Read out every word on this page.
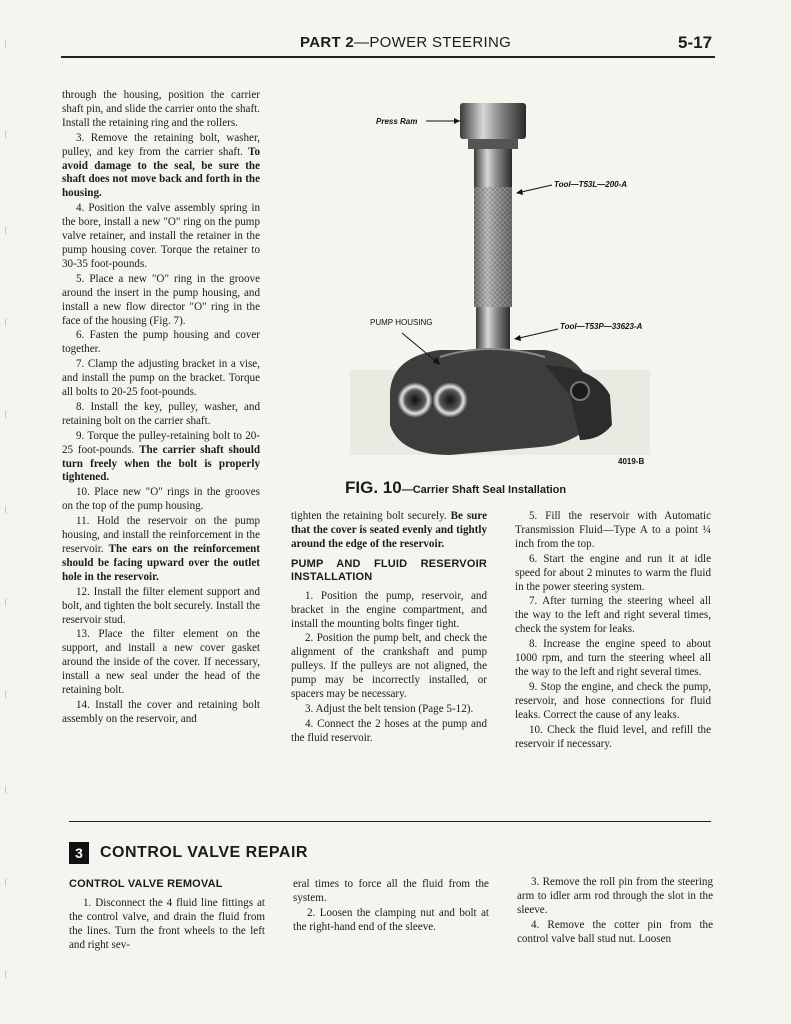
PART 2—POWER STEERING	5-17

through the housing, position the carrier shaft pin, and slide the carrier onto the shaft. Install the retaining ring and the rollers.

3. Remove the retaining bolt, washer, pulley, and key from the carrier shaft. To avoid damage to the seal, be sure the shaft does not move back and forth in the housing.

4. Position the valve assembly spring in the bore, install a new "O" ring on the pump valve retainer, and install the retainer in the pump housing cover. Torque the retainer to 30-35 foot-pounds.

5. Place a new "O" ring in the groove around the insert in the pump housing, and install a new flow director "O" ring in the face of the housing (Fig. 7).

6. Fasten the pump housing and cover together.

7. Clamp the adjusting bracket in a vise, and install the pump on the bracket. Torque all bolts to 20-25 foot-pounds.

8. Install the key, pulley, washer, and retaining bolt on the carrier shaft.

9. Torque the pulley-retaining bolt to 20-25 foot-pounds. The carrier shaft should turn freely when the bolt is properly tightened.

10. Place new "O" rings in the grooves on the top of the pump housing.

11. Hold the reservoir on the pump housing, and install the reinforcement in the reservoir. The ears on the reinforcement should be facing upward over the outlet hole in the reservoir.

12. Install the filter element support and bolt, and tighten the bolt securely. Install the reservoir stud.

13. Place the filter element on the support, and install a new cover gasket around the inside of the cover. If necessary, install a new seal under the head of the retaining bolt.

14. Install the cover and retaining bolt assembly on the reservoir, and

Press Ram
Tool—T53L—200-A
PUMP HOUSING	Tool—T53P—33623-A
4019-B
FIG. 10—Carrier Shaft Seal Installation

tighten the retaining bolt securely. Be sure that the cover is seated evenly and tightly around the edge of the reservoir.

PUMP AND FLUID RESERVOIR INSTALLATION

1. Position the pump, reservoir, and bracket in the engine compartment, and install the mounting bolts finger tight.

2. Position the pump belt, and check the alignment of the crankshaft and pump pulleys. If the pulleys are not aligned, the pump may be incorrectly installed, or spacers may be necessary.

3. Adjust the belt tension (Page 5-12).

4. Connect the 2 hoses at the pump and the fluid reservoir.

5. Fill the reservoir with Automatic Transmission Fluid—Type A to a point ¼ inch from the top.

6. Start the engine and run it at idle speed for about 2 minutes to warm the fluid in the power steering system.

7. After turning the steering wheel all the way to the left and right several times, check the system for leaks.

8. Increase the engine speed to about 1000 rpm, and turn the steering wheel all the way to the left and right several times.

9. Stop the engine, and check the pump, reservoir, and hose connections for fluid leaks. Correct the cause of any leaks.

10. Check the fluid level, and refill the reservoir if necessary.

3	CONTROL VALVE REPAIR
CONTROL VALVE REMOVAL

1. Disconnect the 4 fluid line fittings at the control valve, and drain the fluid from the lines. Turn the front wheels to the left and right sev-

eral times to force all the fluid from the system.

2. Loosen the clamping nut and bolt at the right-hand end of the sleeve.

3. Remove the roll pin from the steering arm to idler arm rod through the slot in the sleeve.

4. Remove the cotter pin from the control valve ball stud nut. Loosen
